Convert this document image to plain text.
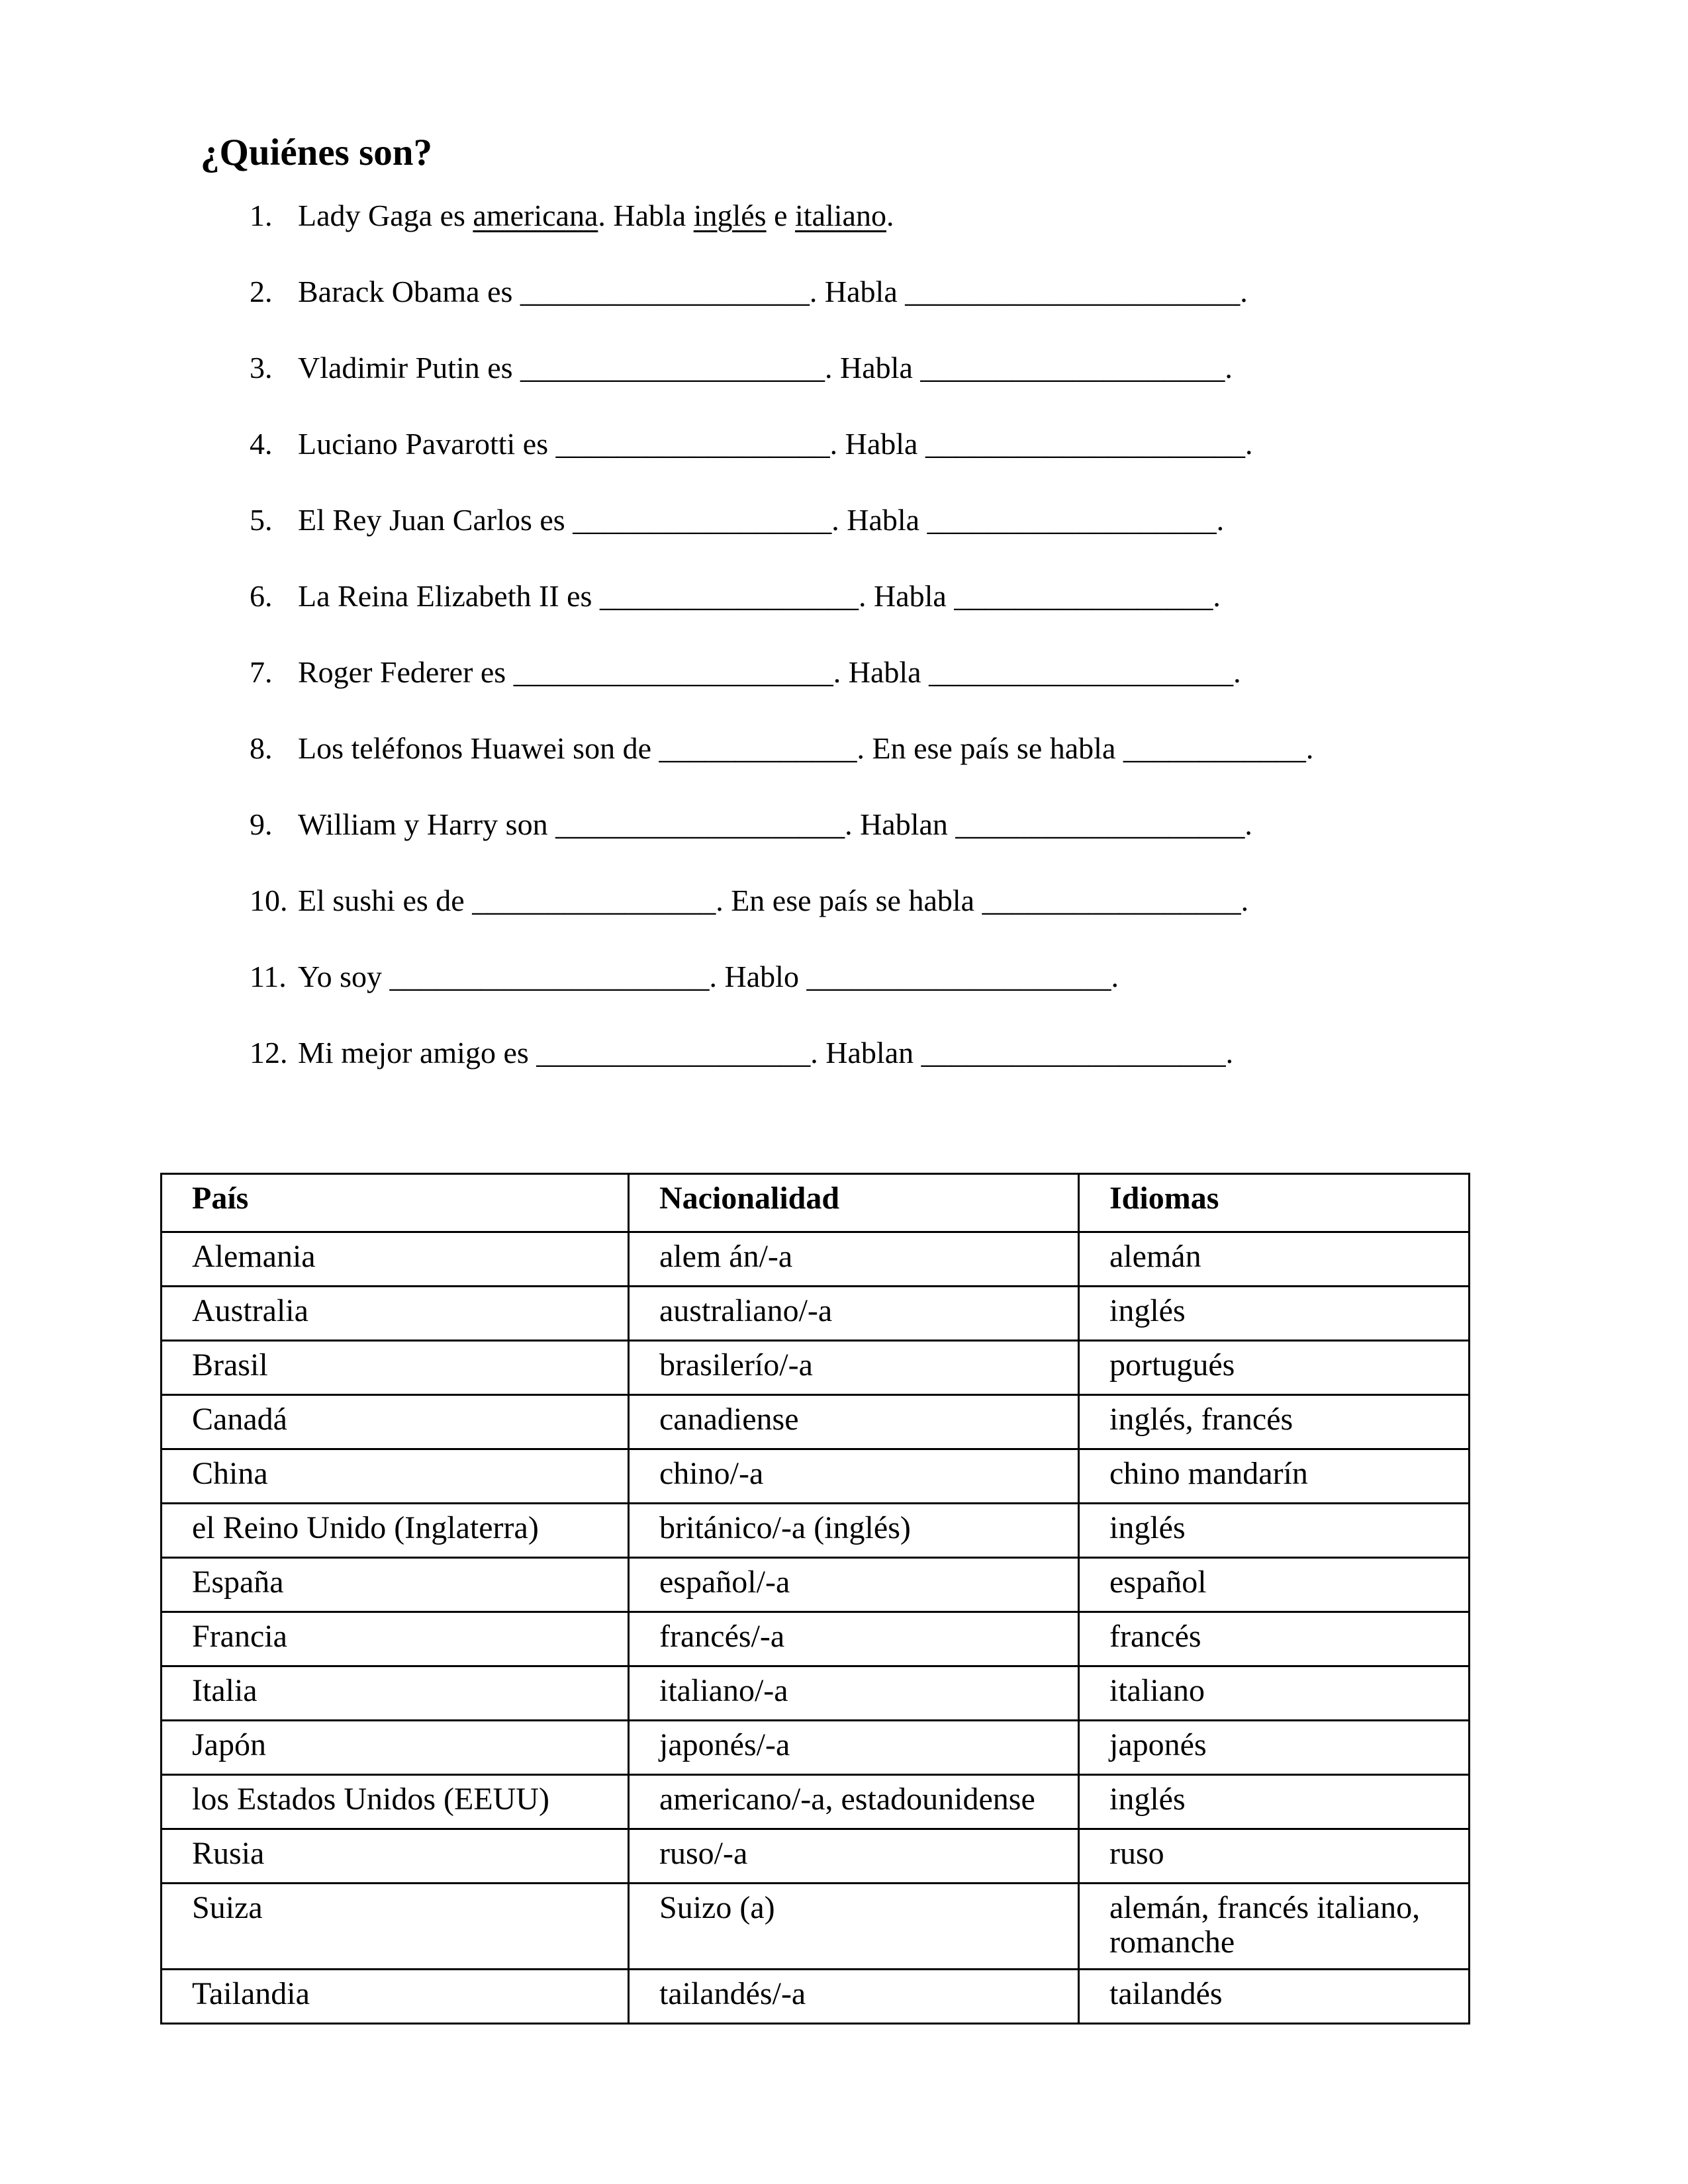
¿Quiénes son?
1. Lady Gaga es americana. Habla inglés e italiano.
2. Barack Obama es ___________________. Habla ______________________.
3. Vladimir Putin es ____________________. Habla ____________________.
4. Luciano Pavarotti es __________________. Habla _____________________.
5. El Rey Juan Carlos es _________________. Habla ___________________.
6. La Reina Elizabeth II es _________________. Habla _________________.
7. Roger Federer es _____________________. Habla ____________________.
8. Los teléfonos Huawei son de _____________. En ese país se habla ____________.
9. William y Harry son ___________________. Hablan ___________________.
10. El sushi es de ________________. En ese país se habla _________________.
11. Yo soy _____________________. Hablo ____________________.
12. Mi mejor amigo es __________________. Hablan ____________________.
País	Nacionalidad	Idiomas
Alemania	alem án/-a	alemán
Australia	australiano/-a	inglés
Brasil	brasilerío/-a	portugués
Canadá	canadiense	inglés, francés
China	chino/-a	chino mandarín
el Reino Unido (Inglaterra)	británico/-a (inglés)	inglés
España	español/-a	español
Francia	francés/-a	francés
Italia	italiano/-a	italiano
Japón	japonés/-a	japonés
los Estados Unidos (EEUU)	americano/-a, estadounidense	inglés
Rusia	ruso/-a	ruso
Suiza	Suizo (a)	alemán, francés italiano, romanche
Tailandia	tailandés/-a	tailandés
